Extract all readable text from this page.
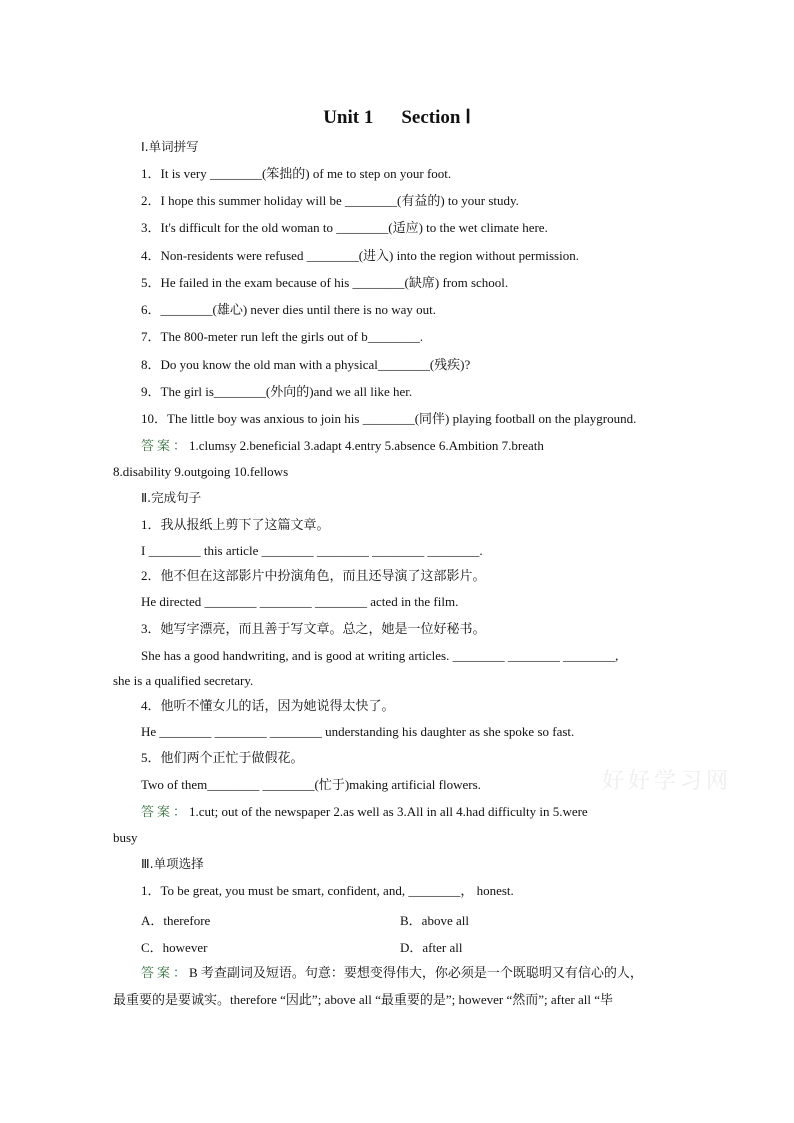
Unit 1 Section Ⅰ
Ⅰ.单词拼写
1．It is very ________(笨拙的) of me to step on your foot.
2．I hope this summer holiday will be ________(有益的) to your study.
3．It's difficult for the old woman to ________(适应) to the wet climate here.
4．Non-residents were refused ________(进入) into the region without permission.
5．He failed in the exam because of his ________(缺席) from school.
6．________(雄心) never dies until there is no way out.
7．The 800-meter run left the girls out of b________.
8．Do you know the old man with a physical________(残疾)?
9．The girl is________(外向的)and we all like her.
10．The little boy was anxious to join his ________(同伴) playing football on the playground.
答案：1.clumsy 2.beneficial 3.adapt 4.entry 5.absence 6.Ambition 7.breath
8.disability 9.outgoing 10.fellows
Ⅱ.完成句子
1．我从报纸上剪下了这篇文章。
I ________ this article ________ ________ ________ ________.
2．他不但在这部影片中扮演角色，而且还导演了这部影片。
He directed ________ ________ ________ acted in the film.
3．她写字漂亮，而且善于写文章。总之，她是一位好秘书。
She has a good handwriting, and is good at writing articles. ________ ________ ________,
she is a qualified secretary.
4．他听不懂女儿的话，因为她说得太快了。
He ________ ________ ________ understanding his daughter as she spoke so fast.
5．他们两个正忙于做假花。
Two of them________ ________(忙于)making artificial flowers.
答案：1.cut; out of the newspaper 2.as well as 3.All in all 4.had difficulty in 5.were
busy
Ⅲ.单项选择
1．To be great, you must be smart, confident, and, ________， honest.
A．therefore	B．above all
C．however	D．after all
答案：B 考查副词及短语。句意：要想变得伟大，你必须是一个既聪明又有信心的人，
最重要的是要诚实。therefore “因此”; above all “最重要的是”; however “然而”; after all “毕
好好学习网
